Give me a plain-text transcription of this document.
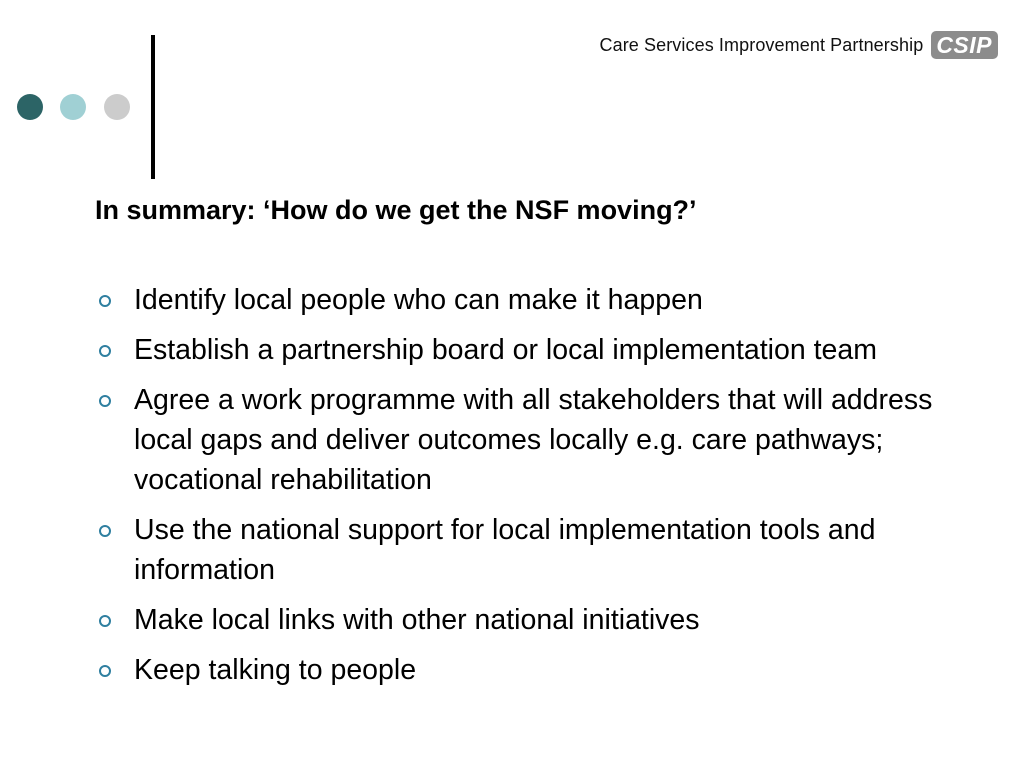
Care Services Improvement Partnership CSIP
In summary: ‘How do we get the NSF moving?’
Identify local people who can make it happen
Establish a partnership board or local implementation team
Agree a work programme with all stakeholders that will address local gaps and deliver outcomes locally e.g. care pathways; vocational rehabilitation
Use the national support for local implementation tools and information
Make local links with other national initiatives
Keep talking to people
